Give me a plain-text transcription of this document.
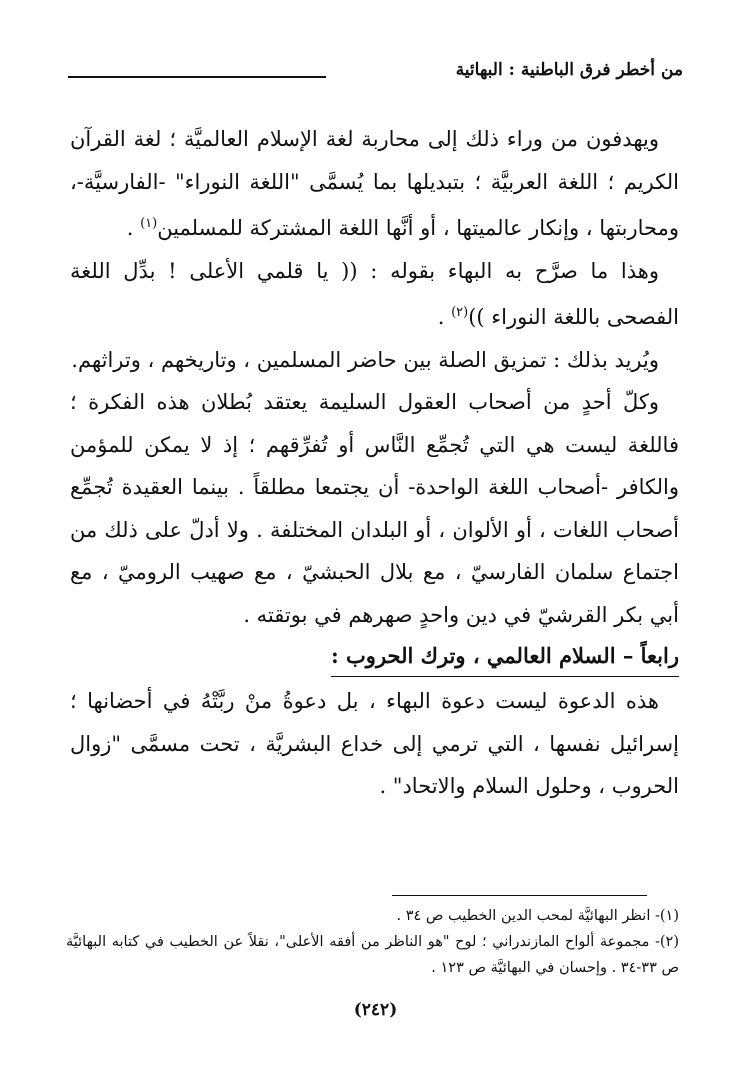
من أخطر فرق الباطنية : البهائية

ويهدفون من وراء ذلك إلى محاربة لغة الإسلام العالميَّة ؛ لغة القرآن الكريم ؛ اللغة العربيَّة ؛ بتبديلها بما يُسمَّى "اللغة النوراء" -الفارسيَّة-، ومحاربتها ، وإنكار عالميتها ، أو أنَّها اللغة المشتركة للمسلمين$^{(١)}$ .

وهذا ما صرَّح به البهاء بقوله : (( يا قلمي الأعلى ! بدِّل اللغة الفصحى باللغة النوراء ))$^{(٢)}$ .

ويُريد بذلك : تمزيق الصلة بين حاضر المسلمين ، وتاريخهم ، وتراثهم.

وكلّ أحدٍ من أصحاب العقول السليمة يعتقد بُطلان هذه الفكرة ؛ فاللغة ليست هي التي تُجمِّع النَّاس أو تُفرِّقهم ؛ إذ لا يمكن للمؤمن والكافر -أصحاب اللغة الواحدة- أن يجتمعا مطلقاً . بينما العقيدة تُجمِّع أصحاب اللغات ، أو الألوان ، أو البلدان المختلفة . ولا أدلّ على ذلك من اجتماع سلمان الفارسيّ ، مع بلال الحبشيّ ، مع صهيب الروميّ ، مع أبي بكر القرشيّ في دين واحدٍ صهرهم في بوتقته .

رابعاً – السلام العالمي ، وترك الحروب :

هذه الدعوة ليست دعوة البهاء ، بل دعوةُ منْ ربَّتْهُ في أحضانها ؛ إسرائيل نفسها ، التي ترمي إلى خداع البشريَّة ، تحت مسمَّى "زوال الحروب ، وحلول السلام والاتحاد" .

(١)- انظر البهائيَّة لمحب الدين الخطيب ص ٣٤ .

(٢)- مجموعة ألواح المازندراني ؛ لوح "هو الناظر من أفقه الأعلى"، نقلاً عن الخطيب في كتابه البهائيَّة ص ٣٣-٣٤ . وإحسان في البهائيَّة ص ١٢٣ .

(٢٤٢)
